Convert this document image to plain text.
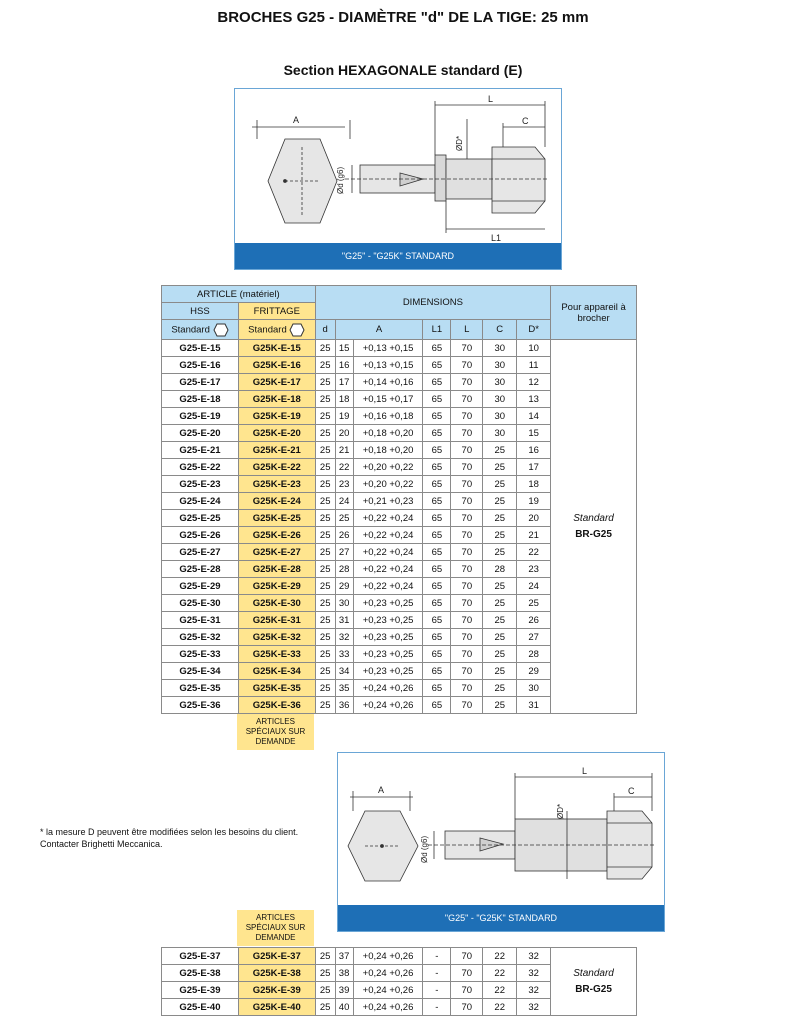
BROCHES G25 - DIAMÈTRE "d" DE LA TIGE: 25 mm
Section HEXAGONALE standard (E)
A
L
C
L1
Ød (g6)
ØD*
"G25" - "G25K" STANDARD
ARTICLE (matériel)		DIMENSIONS							Pour appareil à brocher
HSS	FRITTAGE								
Standard	Standard	d	A		L1	L	C	D*	
G25-E-15	G25K-E-15	25	15	+0,13 +0,15	65	70	30	10	Standard
BR-G25

G25-E-16	G25K-E-16	25	16	+0,13 +0,15	65	70	30	11	
G25-E-17	G25K-E-17	25	17	+0,14 +0,16	65	70	30	12	
G25-E-18	G25K-E-18	25	18	+0,15 +0,17	65	70	30	13	
G25-E-19	G25K-E-19	25	19	+0,16 +0,18	65	70	30	14	
G25-E-20	G25K-E-20	25	20	+0,18 +0,20	65	70	30	15	
G25-E-21	G25K-E-21	25	21	+0,18 +0,20	65	70	25	16	
G25-E-22	G25K-E-22	25	22	+0,20 +0,22	65	70	25	17	
G25-E-23	G25K-E-23	25	23	+0,20 +0,22	65	70	25	18	
G25-E-24	G25K-E-24	25	24	+0,21 +0,23	65	70	25	19	
G25-E-25	G25K-E-25	25	25	+0,22 +0,24	65	70	25	20	
G25-E-26	G25K-E-26	25	26	+0,22 +0,24	65	70	25	21	
G25-E-27	G25K-E-27	25	27	+0,22 +0,24	65	70	25	22	
G25-E-28	G25K-E-28	25	28	+0,22 +0,24	65	70	28	23	
G25-E-29	G25K-E-29	25	29	+0,22 +0,24	65	70	25	24	
G25-E-30	G25K-E-30	25	30	+0,23 +0,25	65	70	25	25	
G25-E-31	G25K-E-31	25	31	+0,23 +0,25	65	70	25	26	
G25-E-32	G25K-E-32	25	32	+0,23 +0,25	65	70	25	27	
G25-E-33	G25K-E-33	25	33	+0,23 +0,25	65	70	25	28	
G25-E-34	G25K-E-34	25	34	+0,23 +0,25	65	70	25	29	
G25-E-35	G25K-E-35	25	35	+0,24 +0,26	65	70	25	30	
G25-E-36	G25K-E-36	25	36	+0,24 +0,26	65	70	25	31	
ARTICLES SPÉCIAUX SUR DEMANDE
* la mesure D peuvent être modifiées selon les besoins du client. Contacter Brighetti Meccanica.
A
L
C
Ød (g6)
ØD*
"G25" - "G25K" STANDARD
ARTICLES SPÉCIAUX SUR DEMANDE
G25-E-37	G25K-E-37	25	37	+0,24 +0,26	-	70	22	32	Standard
BR-G25

G25-E-38	G25K-E-38	25	38	+0,24 +0,26	-	70	22	32	
G25-E-39	G25K-E-39	25	39	+0,24 +0,26	-	70	22	32	
G25-E-40	G25K-E-40	25	40	+0,24 +0,26	-	70	22	32	
